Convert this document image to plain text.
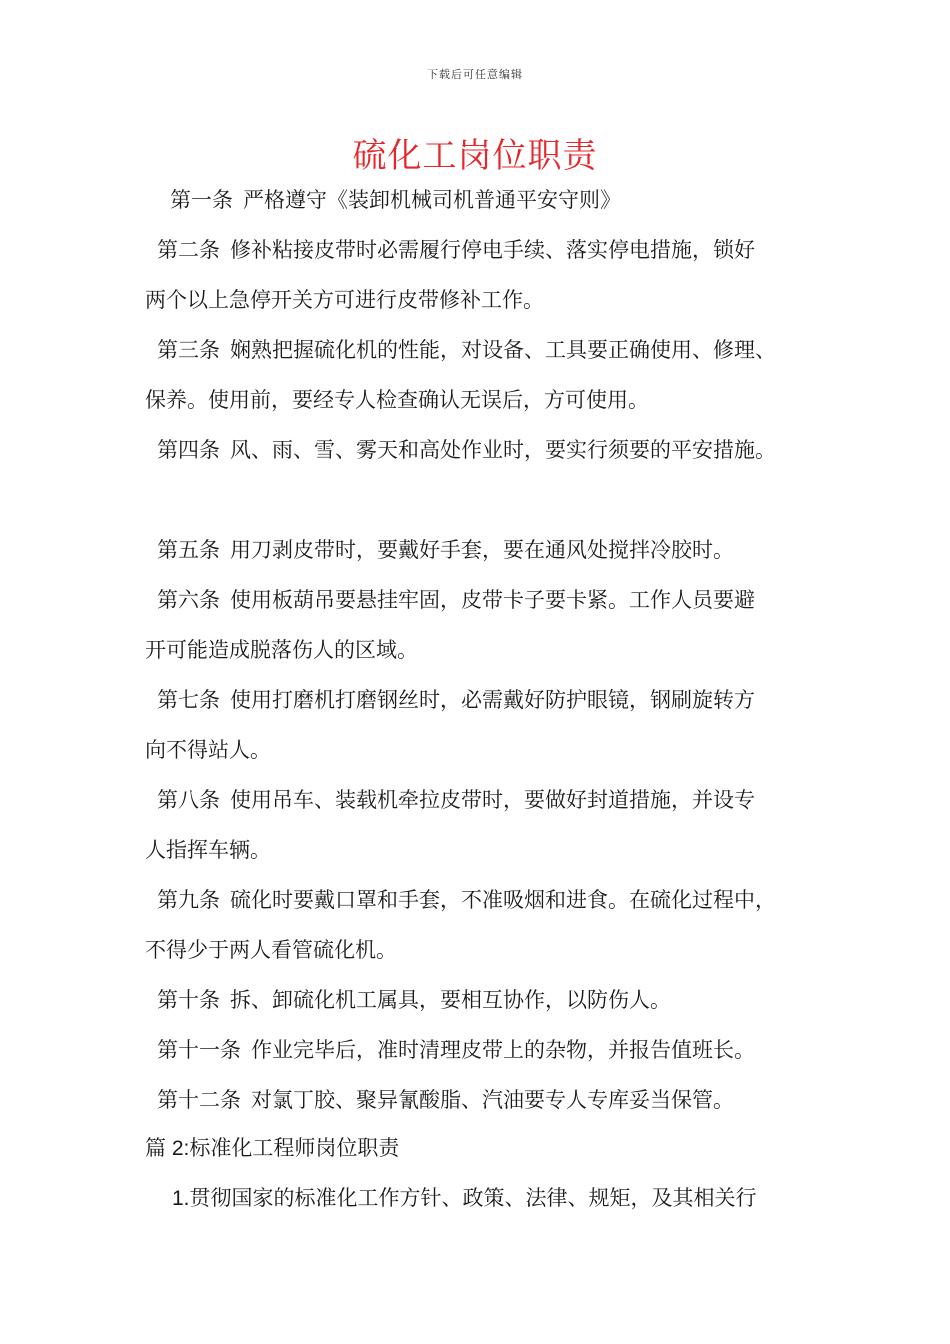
下载后可任意编辑
硫化工岗位职责
第一条 严格遵守《装卸机械司机普通平安守则》
第二条 修补粘接皮带时必需履行停电手续、落实停电措施，锁好
两个以上急停开关方可进行皮带修补工作。
第三条 娴熟把握硫化机的性能，对设备、工具要正确使用、修理、
保养。使用前，要经专人检查确认无误后，方可使用。
第四条 风、雨、雪、雾天和高处作业时，要实行须要的平安措施。
第五条 用刀剥皮带时，要戴好手套，要在通风处搅拌冷胶时。
第六条 使用板葫吊要悬挂牢固，皮带卡子要卡紧。工作人员要避
开可能造成脱落伤人的区域。
第七条 使用打磨机打磨钢丝时，必需戴好防护眼镜，钢刷旋转方
向不得站人。
第八条 使用吊车、装载机牵拉皮带时，要做好封道措施，并设专
人指挥车辆。
第九条 硫化时要戴口罩和手套，不准吸烟和进食。在硫化过程中，
不得少于两人看管硫化机。
第十条 拆、卸硫化机工属具，要相互协作，以防伤人。
第十一条 作业完毕后，准时清理皮带上的杂物，并报告值班长。
第十二条 对氯丁胶、聚异氰酸脂、汽油要专人专库妥当保管。
篇 2:标准化工程师岗位职责
1.贯彻国家的标准化工作方针、政策、法律、规矩，及其相关行
